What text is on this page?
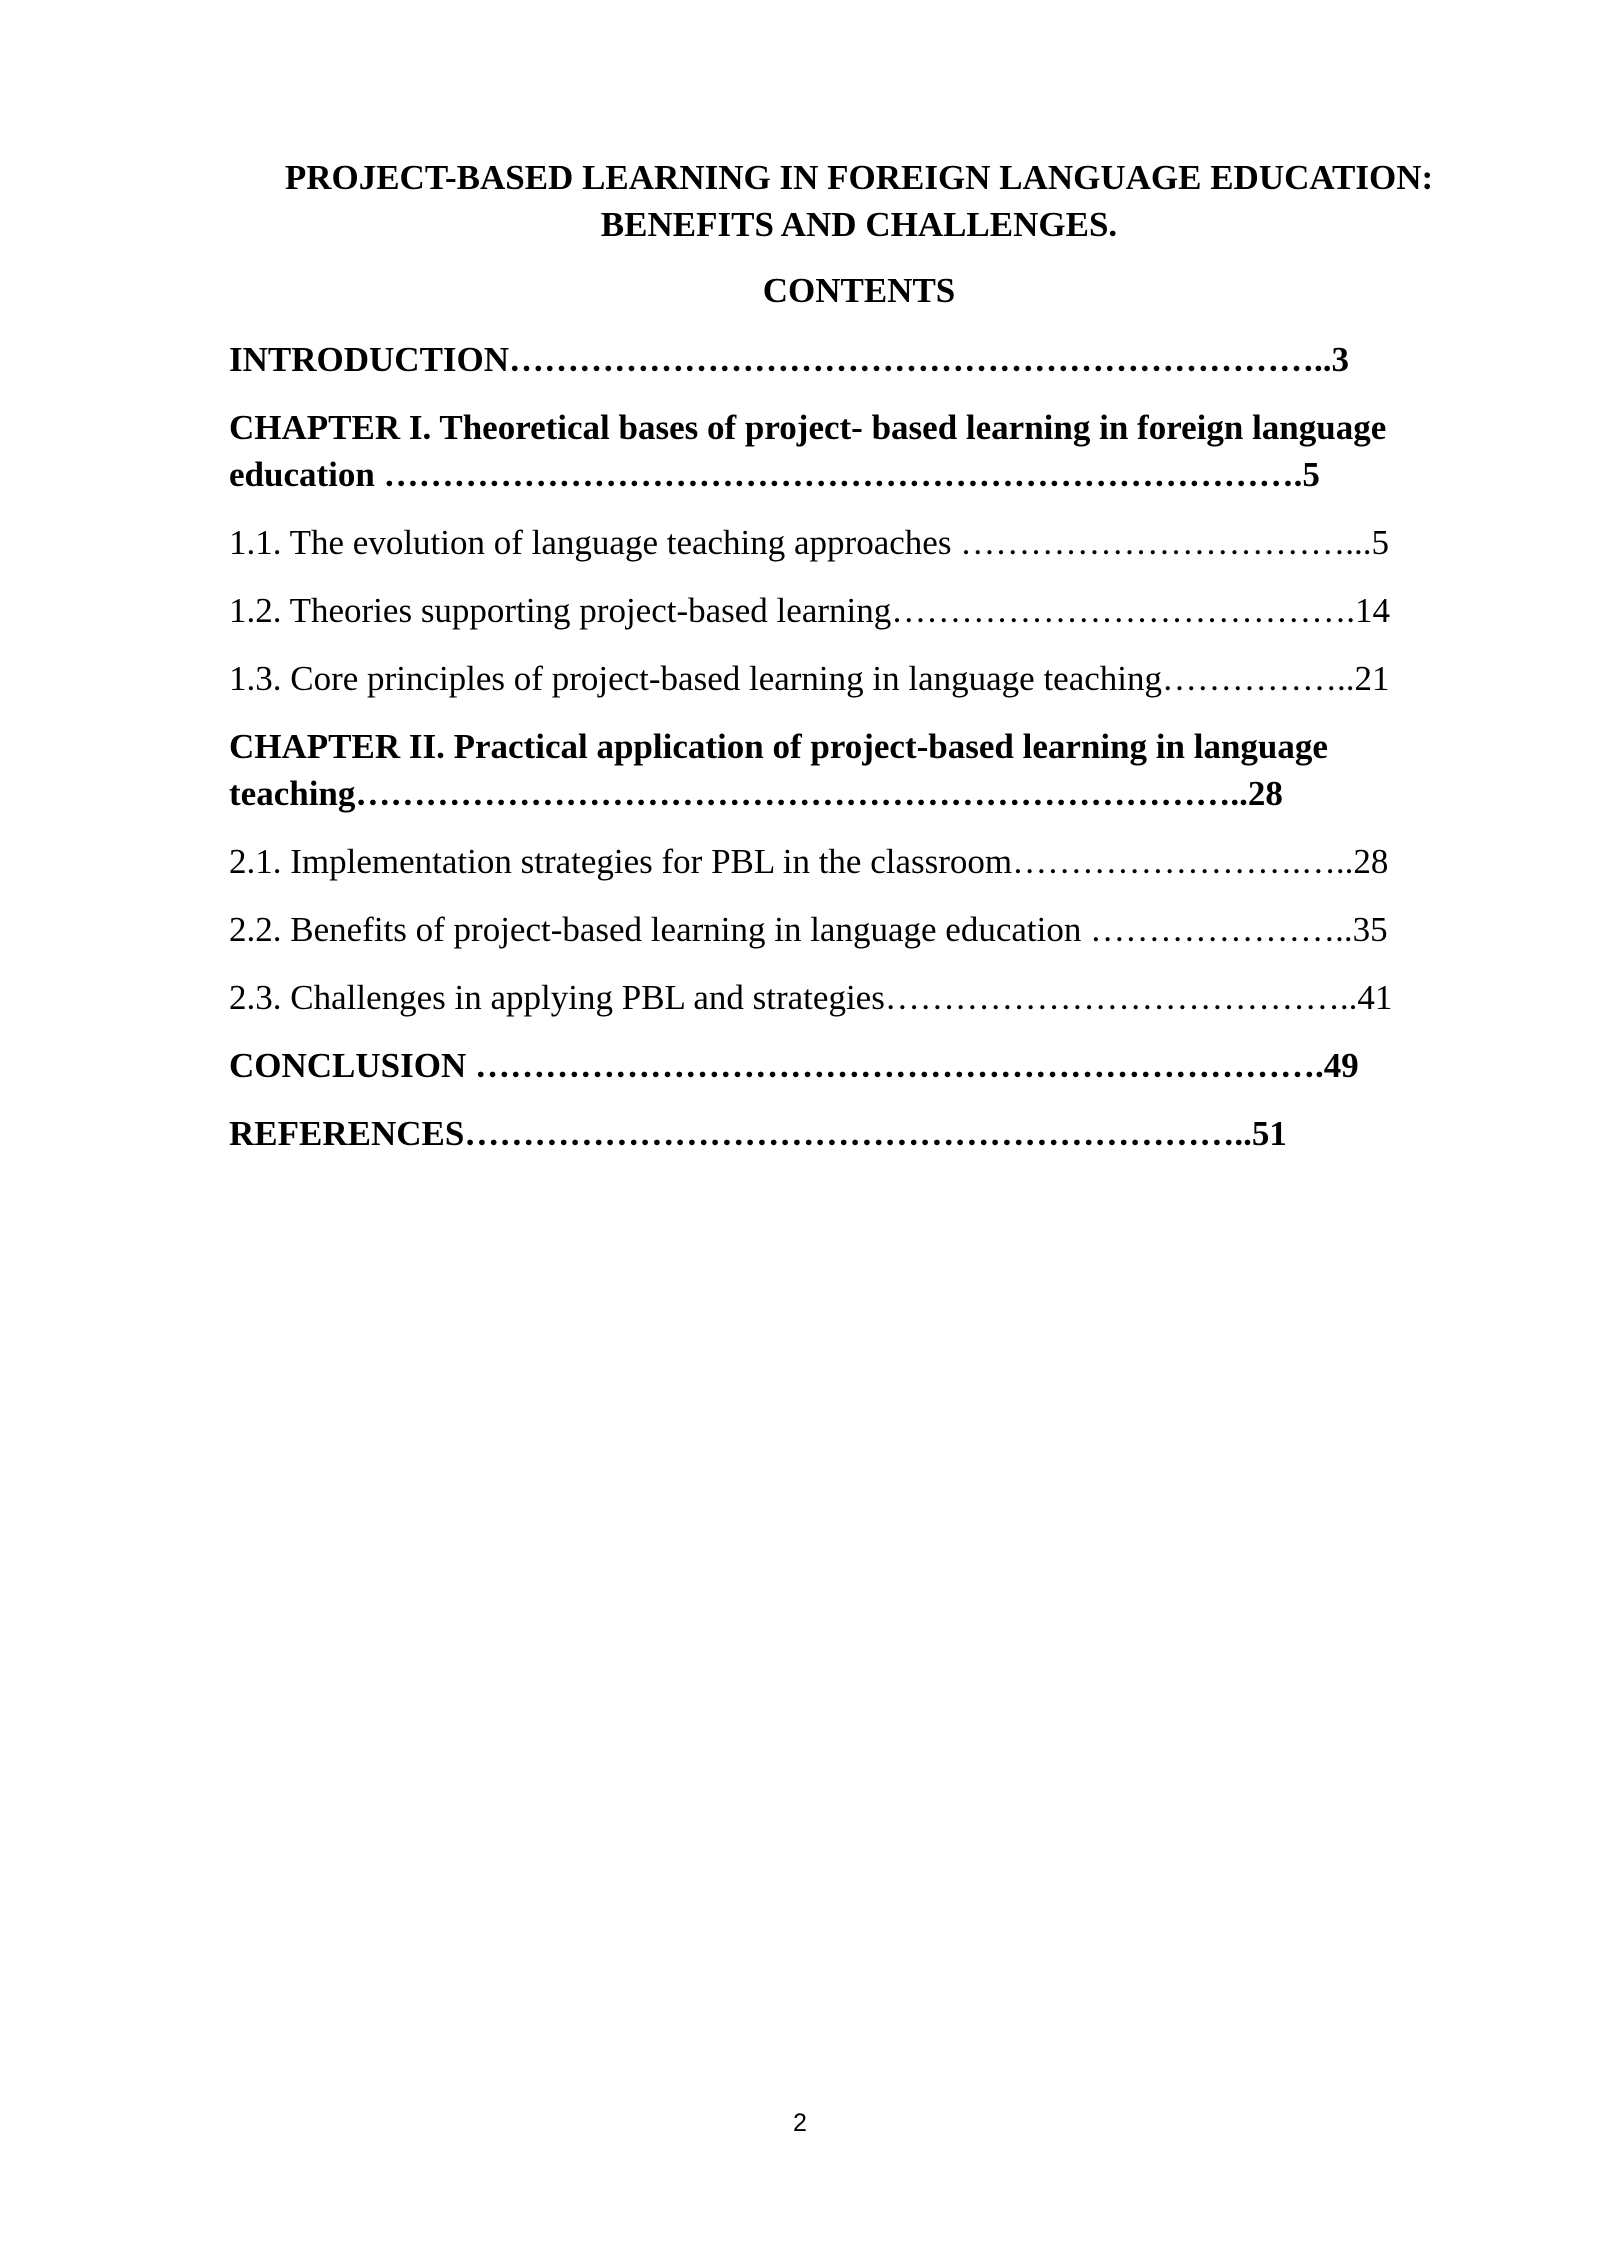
PROJECT-BASED LEARNING IN FOREIGN LANGUAGE EDUCATION:
BENEFITS AND CHALLENGES.
CONTENTS
INTRODUCTION……………………………………………………………..3
CHAPTER I. Theoretical bases of project- based learning in foreign language
education …………………………………………………………………….5
1.1. The evolution of language teaching approaches ……………………………...5
1.2. Theories supporting project-based learning………………………………….14
1.3. Core principles of project-based learning in language teaching……………..21
CHAPTER II. Practical application of project-based learning in language
teaching…………………………………………………………………..28
2.1. Implementation strategies for PBL in the classroom…………………….…..28
2.2. Benefits of project-based learning in language education …………………..35
2.3. Challenges in applying PBL and strategies…………………………………..41
CONCLUSION ……………………………………………………………….49
REFERENCES…………………………………………………………..51
2
